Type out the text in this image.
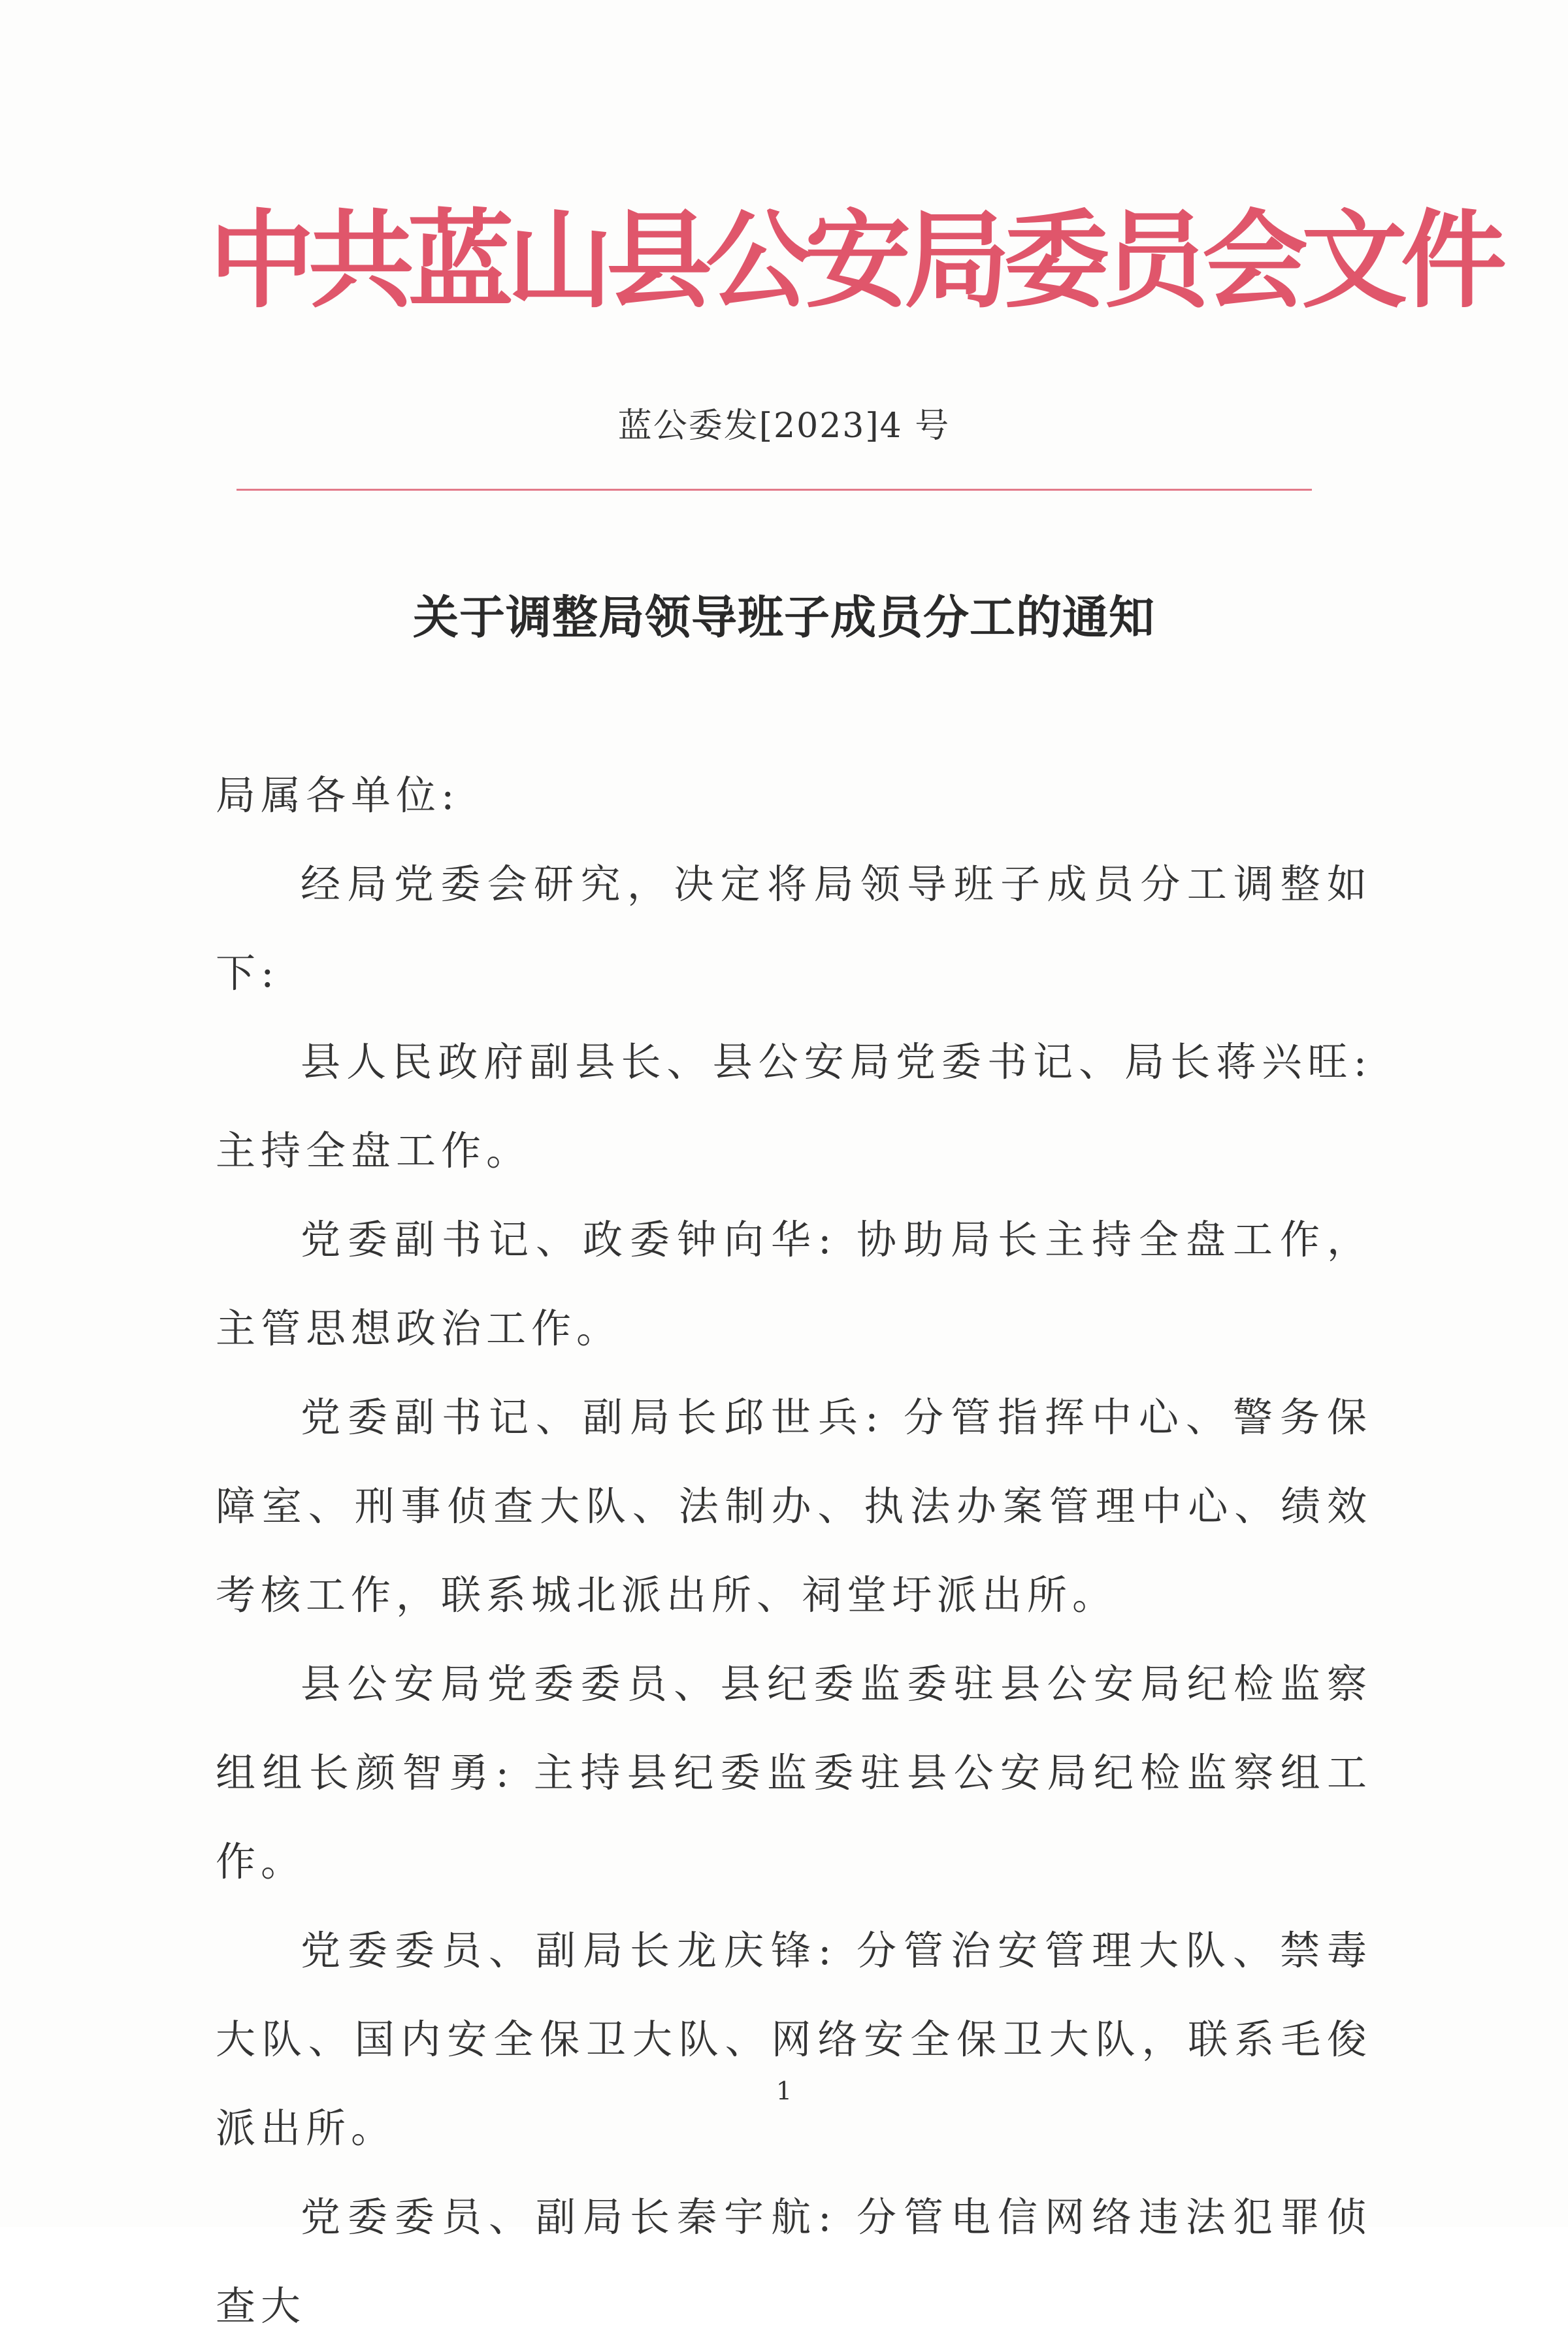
中共蓝山县公安局委员会文件
蓝公委发[2023]4 号
关于调整局领导班子成员分工的通知

局属各单位:

经局党委会研究，决定将局领导班子成员分工调整如下:

县人民政府副县长、县公安局党委书记、局长蒋兴旺: 主持全盘工作。

党委副书记、政委钟向华: 协助局长主持全盘工作，主管思想政治工作。

党委副书记、副局长邱世兵: 分管指挥中心、警务保障室、刑事侦查大队、法制办、执法办案管理中心、绩效考核工作，联系城北派出所、祠堂圩派出所。

县公安局党委委员、县纪委监委驻县公安局纪检监察组组长颜智勇: 主持县纪委监委驻县公安局纪检监察组工作。

党委委员、副局长龙庆锋: 分管治安管理大队、禁毒大队、国内安全保卫大队、网络安全保卫大队，联系毛俊派出所。

党委委员、副局长秦宇航: 分管电信网络违法犯罪侦查大

1
